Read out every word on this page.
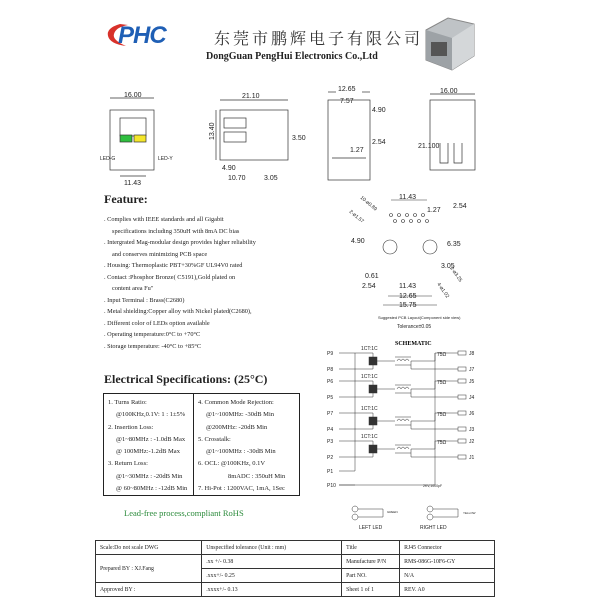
PHC	东莞市鹏辉电子有限公司
DongGuan PengHui Electronics Co.,Ltd
16.00
11.43
LED-G	LED-Y
21.10
13.40	3.50
4.90
10.70	3.05
12.65
7.57
4.90
1.27
2.54
16.00
21.100
Feature:
. Complies with IEEE standards and all Gigabit
specifications including 350uH with 8mA DC bias
. Intergrated Mag-modular design provides higher reliability
and conserves minimizing PCB space
. Housing: Thermoplastic PBT+30%GF UL94V0 rated
. Contact :Phosphor Bronze( C5191),Gold plated on
content area Fu"
. Input Terminal : Brass(C2680)
. Metal shielding:Copper alloy with Nickel plated(C2680),
. Different color of LEDs option available
. Operating temperature:0°C to +70°C
. Storage temperature: -40°C to +85°C
Electrical Specifications: (25°C)
1. Turns Ratio:
@100KHz,0.1V: 1 : 1±5%
2. Insertion Loss:
@1~80MHz : -1.0dB Max
@ 100MHz:-1.2dB Max
3. Return Loss:
@1~30MHz : -20dB Min
@ 60~80MHz : -12dB Min
4. Common Mode Rejection:
@1~100MHz: -30dB Min
@200MHz: -20dB Min
5. Crosstalk:
@1~100MHz : -30dB Min
6. OCL: @100KHz, 0.1V
8mADC : 350uH Min
7. Hi-Pot : 1200VAC, 1mA, 1Sec
Lead-free process,compliant RoHS
11.43
1.27
2.54
4.90	6.35
3.05
0.61
2.54	11.43
12.65
15.75
10-ø0.89
2-ø1.57
2-ø3.25
4-ø1.02
Suggested PCB Layout(Component side view)
Tolerance±0.05
SCHEMATIC
2KV,1000pF
GREEN	YELLOW
LEFT LED	RIGHT LED
P9
P8
P6
P5
P7
P4
P3
P2
P1
P10
J8
J7
J5
J4
J6
J3
J2
J1
1CT:1C
75Ω
1CT:1C
75Ω
1CT:1C
75Ω
1CT:1C
75Ω
Scale:Do not scale DWG	Unspecified tolerance (Unit : mm)	Title	RJ45 Connector
Prepared BY : XJ.Fang	.xx +/- 0.38	Manufacture P/N	RMS-086G-10F6-GY
	.xxx+/- 0.25	Part NO.	N/A
Approved BY :	.xxxx+/- 0.13	Sheet 1 of 1	REV. A0
